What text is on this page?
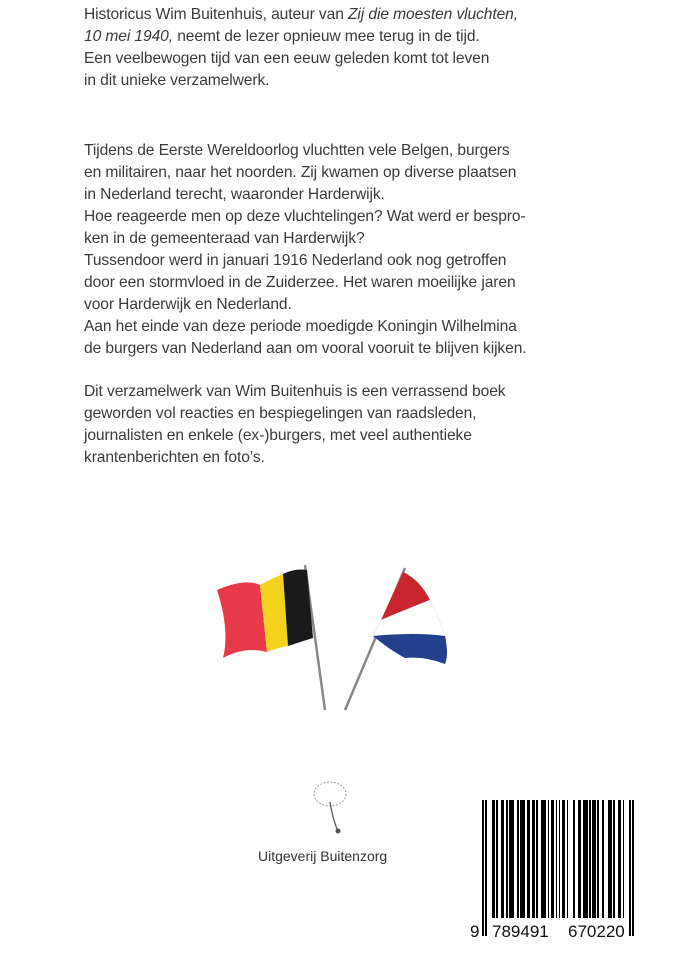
Historicus Wim Buitenhuis, auteur van Zij die moesten vluchten,

10 mei 1940, neemt de lezer opnieuw mee terug in de tijd.

Een veelbewogen tijd van een eeuw geleden komt tot leven

in dit unieke verzamelwerk.

Tijdens de Eerste Wereldoorlog vluchtten vele Belgen, burgers

en militairen, naar het noorden. Zij kwamen op diverse plaatsen

in Nederland terecht, waaronder Harderwijk.

Hoe reageerde men op deze vluchtelingen? Wat werd er bespro-

ken in de gemeenteraad van Harderwijk?

Tussendoor werd in januari 1916 Nederland ook nog getroffen

door een stormvloed in de Zuiderzee. Het waren moeilijke jaren

voor Harderwijk en Nederland.

Aan het einde van deze periode moedigde Koningin Wilhelmina

de burgers van Nederland aan om vooral vooruit te blijven kijken.

Dit verzamelwerk van Wim Buitenhuis is een verrassend boek

geworden vol reacties en bespiegelingen van raadsleden,

journalisten en enkele (ex-)burgers, met veel authentieke

krantenberichten en foto’s.

Uitgeverij Buitenzorg
9 789491 670220
